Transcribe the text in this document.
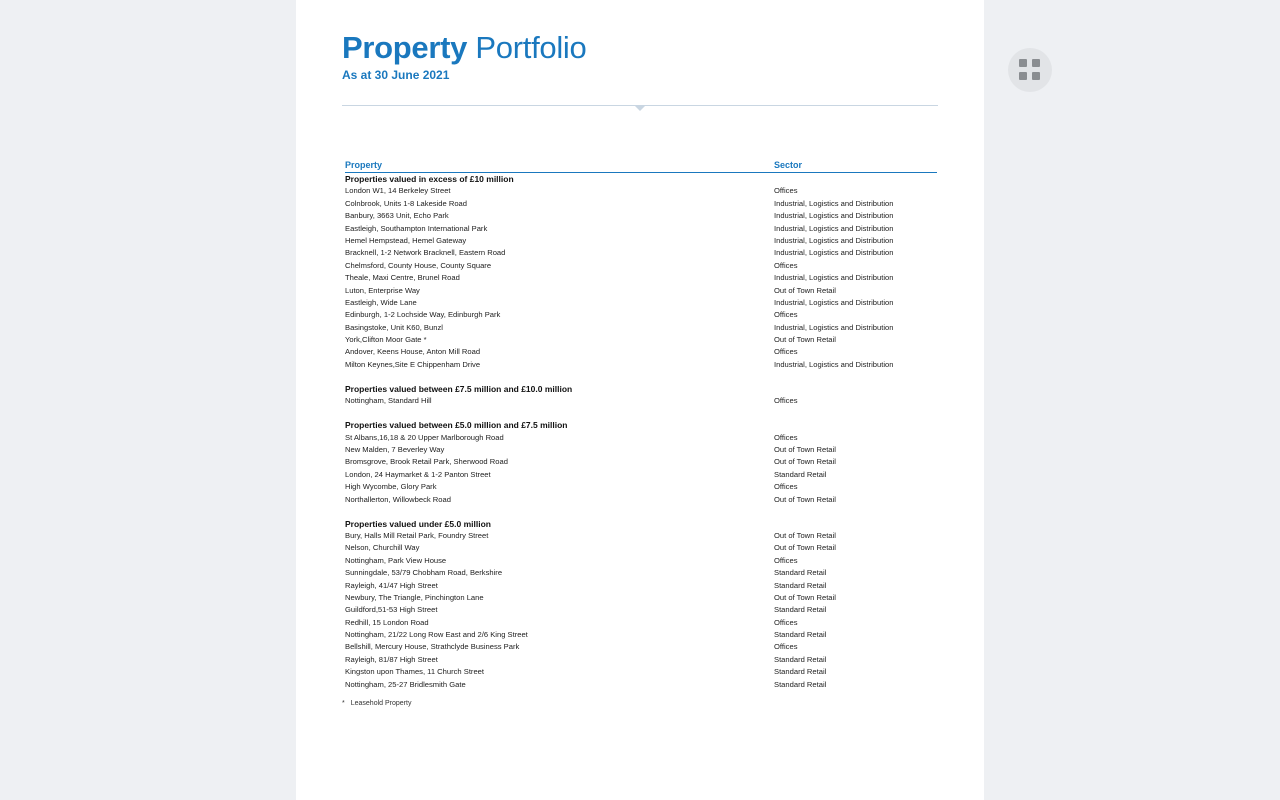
Property Portfolio
As at 30 June 2021
Property	Sector
Properties valued in excess of £10 million
London W1, 14 Berkeley Street	Offices
Colnbrook, Units 1-8 Lakeside Road	Industrial, Logistics and Distribution
Banbury, 3663 Unit, Echo Park	Industrial, Logistics and Distribution
Eastleigh, Southampton International Park	Industrial, Logistics and Distribution
Hemel Hempstead, Hemel Gateway	Industrial, Logistics and Distribution
Bracknell, 1-2 Network Bracknell, Eastern Road	Industrial, Logistics and Distribution
Chelmsford, County House, County Square	Offices
Theale, Maxi Centre, Brunel Road	Industrial, Logistics and Distribution
Luton, Enterprise Way	Out of Town Retail
Eastleigh, Wide Lane	Industrial, Logistics and Distribution
Edinburgh, 1-2 Lochside Way, Edinburgh Park	Offices
Basingstoke, Unit K60, Bunzl	Industrial, Logistics and Distribution
York,Clifton Moor Gate *	Out of Town Retail
Andover, Keens House, Anton Mill Road	Offices
Milton Keynes,Site E Chippenham Drive	Industrial, Logistics and Distribution
Properties valued between £7.5 million and £10.0 million
Nottingham, Standard Hill	Offices
Properties valued between £5.0 million and £7.5 million
St Albans,16,18 & 20 Upper Marlborough Road	Offices
New Malden, 7 Beverley Way	Out of Town Retail
Bromsgrove, Brook Retail Park, Sherwood Road	Out of Town Retail
London, 24 Haymarket & 1-2 Panton Street	Standard Retail
High Wycombe, Glory Park	Offices
Northallerton, Willowbeck Road	Out of Town Retail
Properties valued under £5.0 million
Bury, Halls Mill Retail Park, Foundry Street	Out of Town Retail
Nelson, Churchill Way	Out of Town Retail
Nottingham, Park View House	Offices
Sunningdale, 53/79 Chobham Road, Berkshire	Standard Retail
Rayleigh, 41/47 High Street	Standard Retail
Newbury, The Triangle, Pinchington Lane	Out of Town Retail
Guildford,51-53 High Street	Standard Retail
Redhill, 15 London Road	Offices
Nottingham, 21/22 Long Row East and 2/6 King Street	Standard Retail
Bellshill, Mercury House, Strathclyde Business Park	Offices
Rayleigh, 81/87 High Street	Standard Retail
Kingston upon Thames, 11 Church Street	Standard Retail
Nottingham, 25-27 Bridlesmith Gate	Standard Retail
* Leasehold Property
